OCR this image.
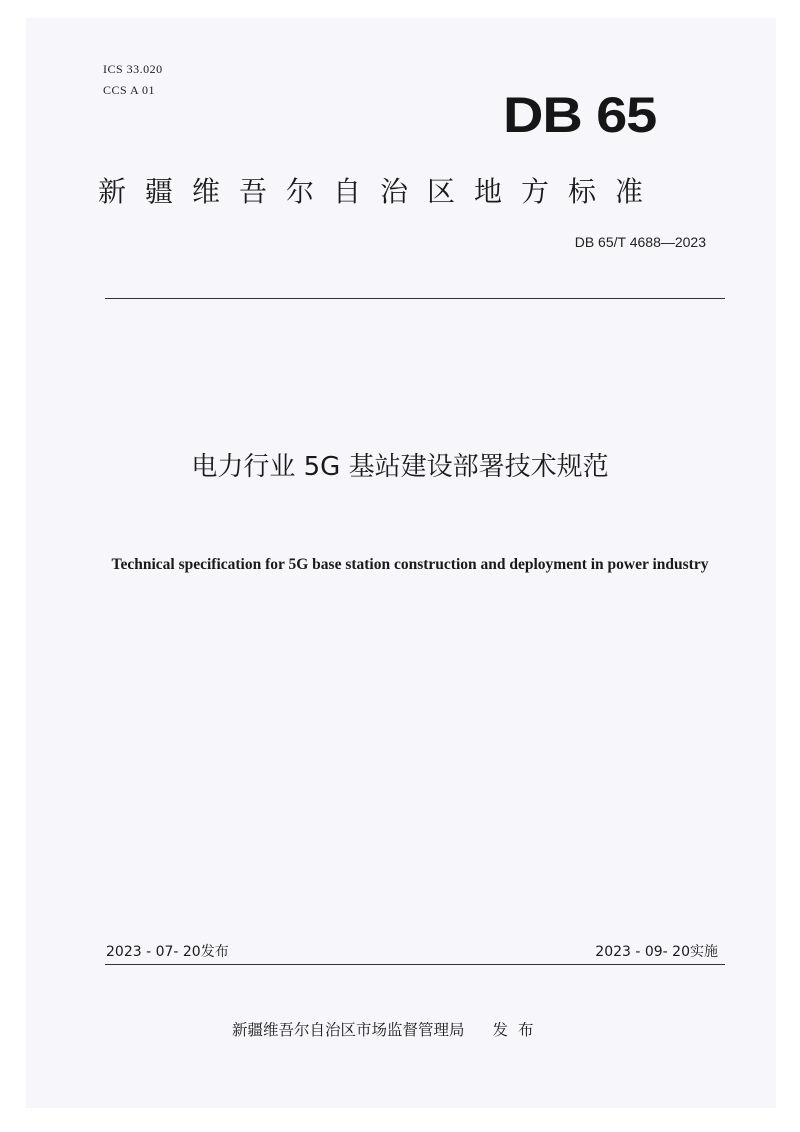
ICS 33.020
CCS A 01	DB 65
新疆维吾尔自治区地方标准
DB 65/T 4688—2023
电力行业 5G 基站建设部署技术规范
Technical specification for 5G base station construction and deployment in power industry
2023 - 07- 20发布	2023 - 09- 20实施
新疆维吾尔自治区市场监督管理局 发布
